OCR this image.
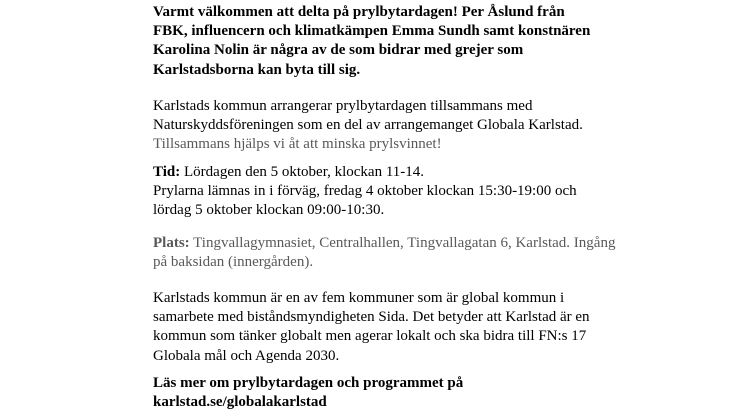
Varmt välkommen att delta på prylbytardagen! Per Åslund från
FBK, influencern och klimatkämpen Emma Sundh samt konstnären
Karolina Nolin är några av de som bidrar med grejer som
Karlstadsborna kan byta till sig.

Karlstads kommun arrangerar prylbytardagen tillsammans med
Naturskyddsföreningen som en del av arrangemanget Globala Karlstad.
Tillsammans hjälps vi åt att minska prylsvinnet!

Tid: Lördagen den 5 oktober, klockan 11-14.
Prylarna lämnas in i förväg, fredag 4 oktober klockan 15:30-19:00 och
lördag 5 oktober klockan 09:00-10:30.

Plats: Tingvallagymnasiet, Centralhallen, Tingvallagatan 6, Karlstad. Ingång
på baksidan (innergården).

Karlstads kommun är en av fem kommuner som är global kommun i
samarbete med biståndsmyndigheten Sida. Det betyder att Karlstad är en
kommun som tänker globalt men agerar lokalt och ska bidra till FN:s 17
Globala mål och Agenda 2030.

Läs mer om prylbytardagen och programmet på
karlstad.se/globalakarlstad
